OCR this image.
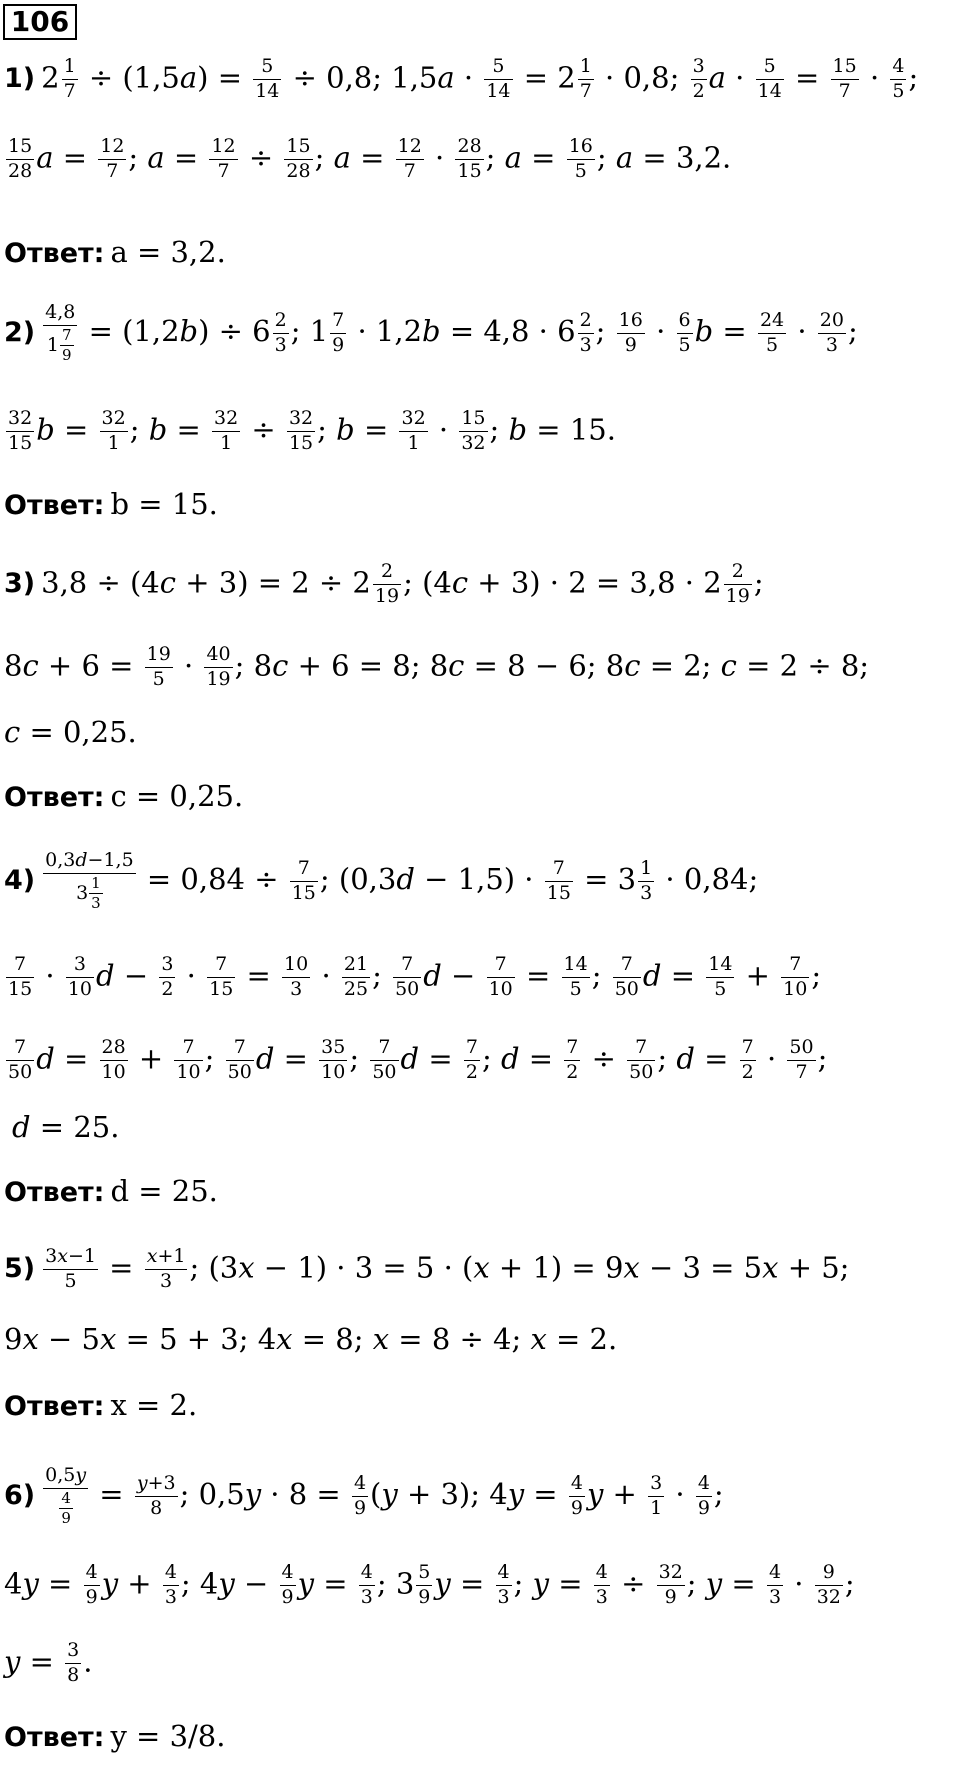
106
1) $2 \frac{1}{7} \div (1,5a) = \frac{5}{14} \div 0,8$; $1,5a \cdot \frac{5}{14} = 2 \frac{1}{7} \cdot 0,8$; $\frac{3}{2}$ $a \cdot \frac{5}{14} = \frac{15}{7} \cdot \frac{4}{5}$ ;
$\frac{15}{28}$ $a = \frac{12}{7}$ ; $a = \frac{12}{7} \div \frac{15}{28}$ ; $a = \frac{12}{7} \cdot \frac{28}{15}$ ; $a = \frac{16}{5}$ ; a = 3,2.
Ответ: a = 3,2.
$2) \frac{4,8}{1 \frac{7}{9}} = (1,2b) \div 6 \frac{2}{3}$ ; $1 \frac{7}{9} \cdot 1,2b = 4,8 \cdot 6 \frac{2}{3}$ ; $\frac{16}{9} \cdot \frac{6}{5}$ $b = \frac{24}{5} \cdot \frac{20}{3}$ ;
$\frac{32}{15}$ $b = \frac{32}{1}$ ; $b = \frac{32}{1} \div \frac{32}{15}$ ; $b = \frac{32}{1} \cdot \frac{15}{32}$ ; b = 15.
Ответ: b = 15.
3) $3,8 \div (4c + 3) = 2 \div 2 \frac{2}{19}$ ; $(4c + 3) \cdot 2 = 3,8 \cdot 2 \frac{2}{19}$ ;
$8c + 6 = \frac{19}{5} \cdot \frac{40}{19}$ ; 8c + 6 = 8; 8c = 8 − 6; 8c = 2; c = 2 ÷ 8;
c = 0,25.
Ответ: c = 0,25.
$4) \frac{0,3d-1,5}{3 \frac{1}{3}} = 0,84 \div \frac{7}{15}$ ; $(0,3d - 1,5) \cdot \frac{7}{15} = 3 \frac{1}{3} \cdot 0,84$;
$\frac{7}{15} \cdot \frac{3}{10}$ $d - \frac{3}{2} \cdot \frac{7}{15} = \frac{10}{3} \cdot \frac{21}{25}$ ; $\frac{7}{50}$ $d - \frac{7}{10} = \frac{14}{5}$ ; $\frac{7}{50}$ $d = \frac{14}{5} + \frac{7}{10}$ ;
$\frac{7}{50}$ $d = \frac{28}{10} + \frac{7}{10}$ ; $\frac{7}{50}$ $d = \frac{35}{10}$ ; $\frac{7}{50}$ $d = \frac{7}{2}$ ; $d = \frac{7}{2} \div \frac{7}{50}$ ; $d = \frac{7}{2} \cdot \frac{50}{7}$ ;
d = 25.
Ответ: d = 25.
$5) \frac{3x-1}{5} = \frac{x+1}{3}$ ; (3x − 1) · 3 = 5 · (x + 1) = 9x − 3 = 5x + 5;
9x − 5x = 5 + 3; 4x = 8; x = 8 ÷ 4; x = 2.
Ответ: x = 2.
$6) \frac{0,5y}{\frac{4}{9}} = \frac{y+3}{8}$ ; $0,5y \cdot 8 = \frac{4}{9} (y + 3)$; $4y = \frac{4}{9}$ $y + \frac{3}{1} \cdot \frac{4}{9}$ ;
$4y = \frac{4}{9}$ $y + \frac{4}{3}$ ; $4y - \frac{4}{9}$ $y = \frac{4}{3}$ ; $3 \frac{5}{9}$ $y = \frac{4}{3}$ ; $y = \frac{4}{3} \div \frac{32}{9}$ ; $y = \frac{4}{3} \cdot \frac{9}{32}$ ;
$y = \frac{3}{8}$ .
Ответ: y = 3/8.
